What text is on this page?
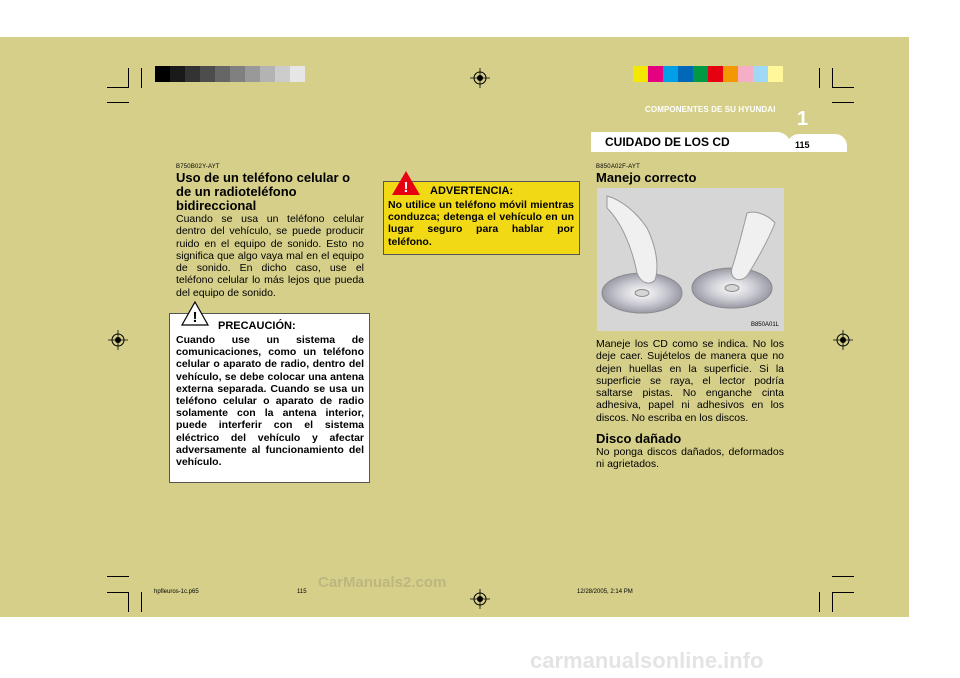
COMPONENTES DE SU HYUNDAI 1
CUIDADO DE LOS CD	115
B750B02Y-AYT
Uso de un teléfono celular o de un radioteléfono bidireccional
Cuando se usa un teléfono celular dentro del vehículo, se puede producir ruido en el equipo de sonido. Esto no significa que algo vaya mal en el equipo de sonido. En dicho caso, use el teléfono celular lo más lejos que pueda del equipo de sonido.
! PRECAUCIÓN:
Cuando use un sistema de comunicaciones, como un teléfono celular o aparato de radio, dentro del vehículo, se debe colocar una antena externa separada. Cuando se usa un teléfono celular o aparato de radio solamente con la antena interior, puede interferir con el sistema eléctrico del vehículo y afectar adversamente al funcionamiento del vehículo.
! ADVERTENCIA:
No utilice un teléfono móvil mientras conduzca; detenga el vehículo en un lugar seguro para hablar por teléfono.
B850A02F-AYT
Manejo correcto
B850A01L
Maneje los CD como se indica. No los deje caer. Sujételos de manera que no dejen huellas en la superficie. Si la superficie se raya, el lector podría saltarse pistas. No enganche cinta adhesiva, papel ni adhesivos en los discos. No escriba en los discos.
Disco dañado
No ponga discos dañados, deformados ni agrietados.
hpfleuros-1c.p65	115	12/28/2005, 2:14 PM
CarManuals2.com
carmanualsonline.info
